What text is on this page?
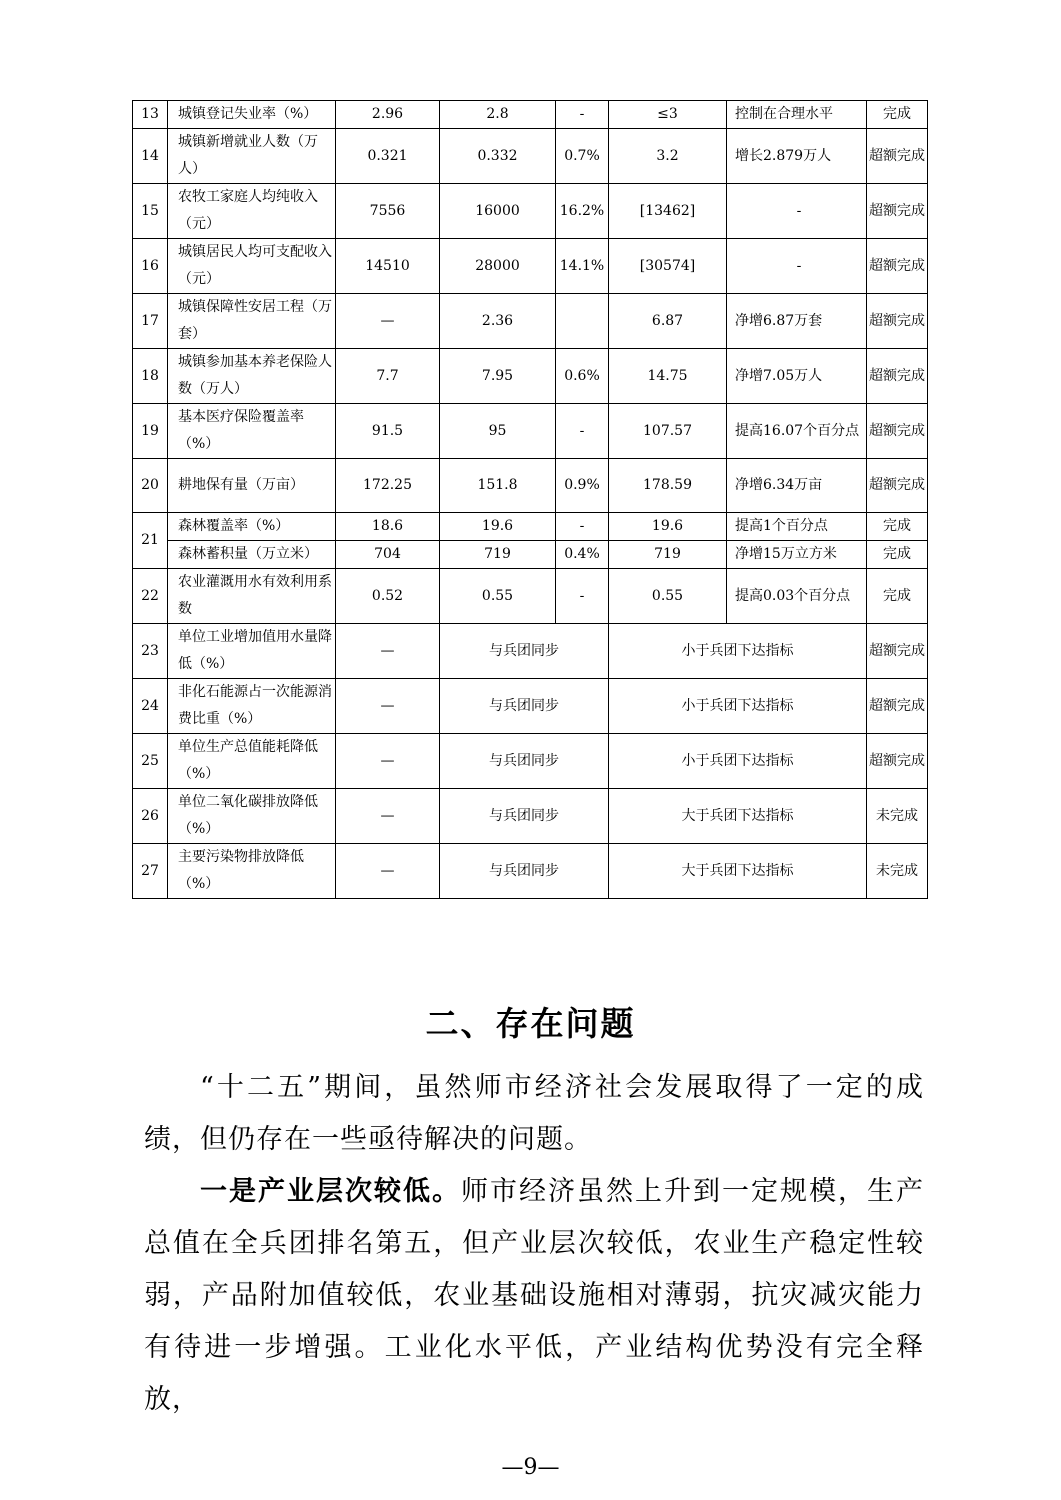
13	城镇登记失业率（%）	2.96	2.8	-	≤3	控制在合理水平	完成
14	城镇新增就业人数（万人）	0.321	0.332	0.7%	3.2	增长2.879万人	超额完成
15	农牧工家庭人均纯收入（元）	7556	16000	16.2%	[13462]	-	超额完成
16	城镇居民人均可支配收入（元）	14510	28000	14.1%	[30574]	-	超额完成
17	城镇保障性安居工程（万套）	—	2.36		6.87	净增6.87万套	超额完成
18	城镇参加基本养老保险人数（万人）	7.7	7.95	0.6%	14.75	净增7.05万人	超额完成
19	基本医疗保险覆盖率（%）	91.5	95	-	107.57	提高16.07个百分点	超额完成
20	耕地保有量（万亩）	172.25	151.8	0.9%	178.59	净增6.34万亩	超额完成
21	森林覆盖率（%）	18.6	19.6	-	19.6	提高1个百分点	完成
	森林蓄积量（万立米）	704	719	0.4%	719	净增15万立方米	完成
22	农业灌溉用水有效利用系数	0.52	0.55	-	0.55	提高0.03个百分点	完成
23	单位工业增加值用水量降低（%）	—	与兵团同步		小于兵团下达指标		超额完成
24	非化石能源占一次能源消费比重（%）	—	与兵团同步		小于兵团下达指标		超额完成
25	单位生产总值能耗降低（%）	—	与兵团同步		小于兵团下达指标		超额完成
26	单位二氧化碳排放降低（%）	—	与兵团同步		大于兵团下达指标		未完成
27	主要污染物排放降低（%）	—	与兵团同步		大于兵团下达指标		未完成
二、存在问题

“十二五”期间，虽然师市经济社会发展取得了一定的成绩，但仍存在一些亟待解决的问题。

一是产业层次较低。师市经济虽然上升到一定规模，生产总值在全兵团排名第五，但产业层次较低，农业生产稳定性较弱，产品附加值较低，农业基础设施相对薄弱，抗灾减灾能力有待进一步增强。工业化水平低，产业结构优势没有完全释放，

—9—
